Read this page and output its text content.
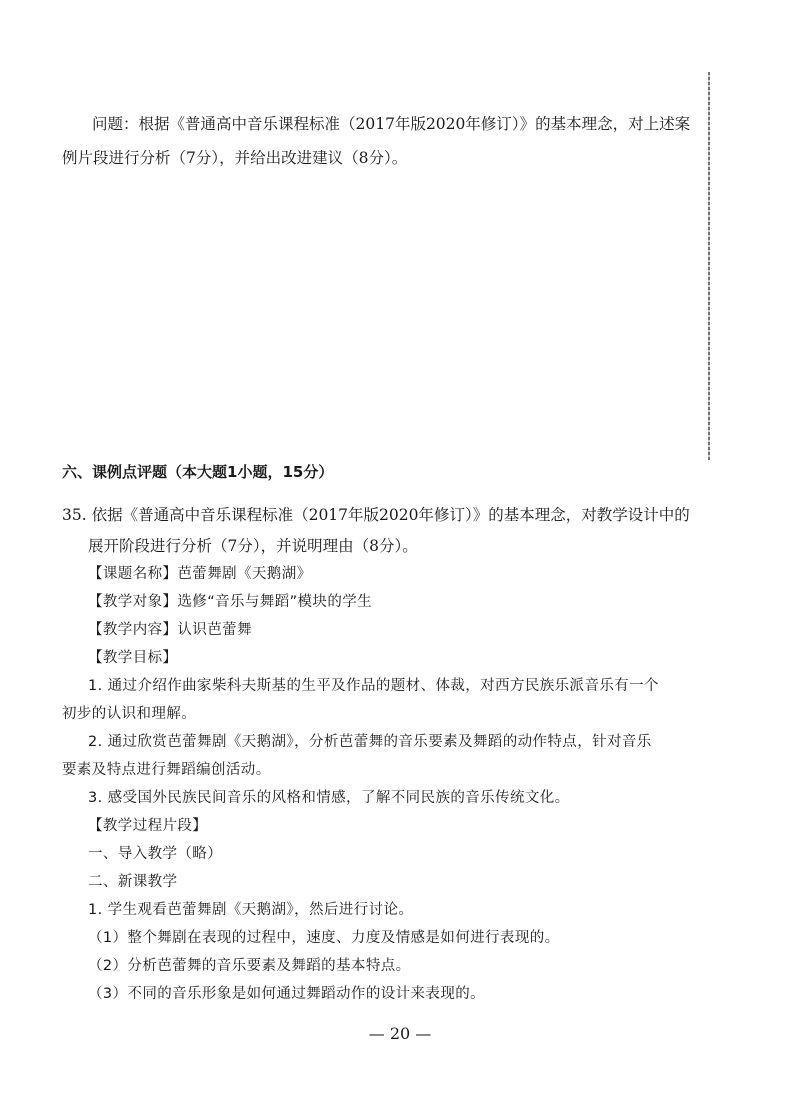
问题：根据《普通高中音乐课程标准（2017年版2020年修订）》的基本理念，对上述案
例片段进行分析（7分），并给出改进建议（8分）。
六、课例点评题（本大题1小题，15分）
35. 依据《普通高中音乐课程标准（2017年版2020年修订）》的基本理念，对教学设计中的
展开阶段进行分析（7分），并说明理由（8分）。
【课题名称】芭蕾舞剧《天鹅湖》
【教学对象】选修“音乐与舞蹈”模块的学生
【教学内容】认识芭蕾舞
【教学目标】
1. 通过介绍作曲家柴科夫斯基的生平及作品的题材、体裁，对西方民族乐派音乐有一个
初步的认识和理解。
2. 通过欣赏芭蕾舞剧《天鹅湖》，分析芭蕾舞的音乐要素及舞蹈的动作特点，针对音乐
要素及特点进行舞蹈编创活动。
3. 感受国外民族民间音乐的风格和情感，了解不同民族的音乐传统文化。
【教学过程片段】
一、导入教学（略）
二、新课教学
1. 学生观看芭蕾舞剧《天鹅湖》，然后进行讨论。
（1）整个舞剧在表现的过程中，速度、力度及情感是如何进行表现的。
（2）分析芭蕾舞的音乐要素及舞蹈的基本特点。
（3）不同的音乐形象是如何通过舞蹈动作的设计来表现的。
— 20 —
